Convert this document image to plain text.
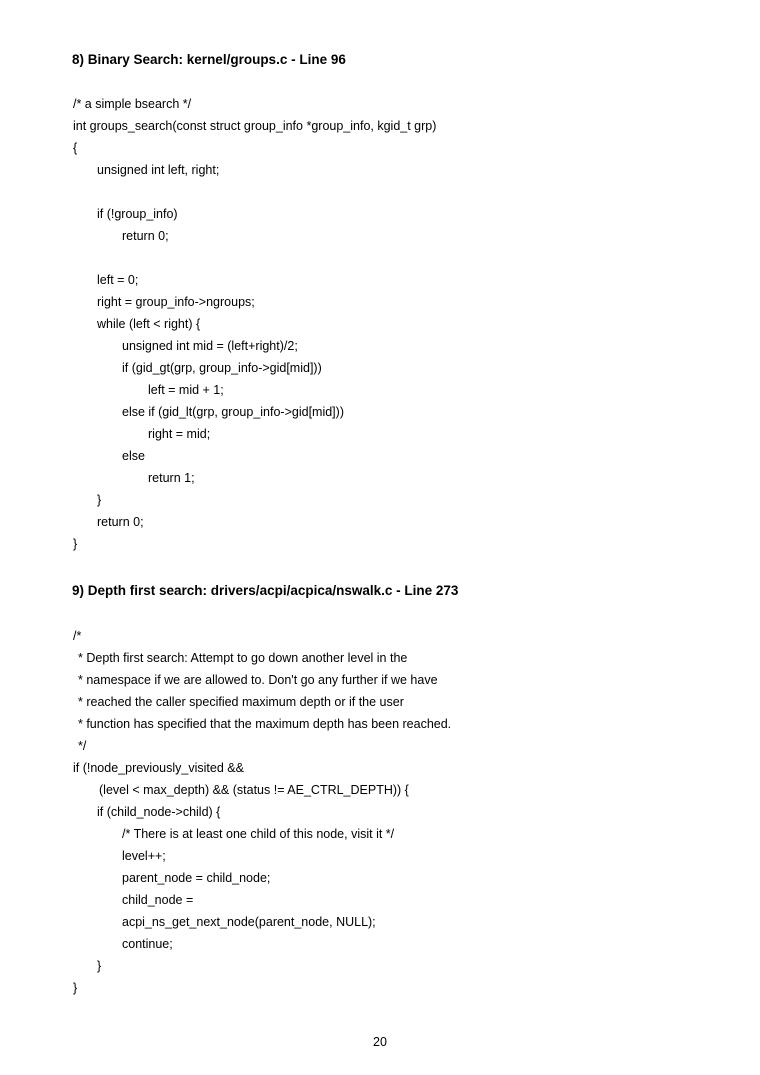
8) Binary Search: kernel/groups.c - Line 96
/* a simple bsearch */
int groups_search(const struct group_info *group_info, kgid_t grp)
{
unsigned int left, right;
if (!group_info)
return 0;
left = 0;
right = group_info->ngroups;
while (left < right) {
unsigned int mid = (left+right)/2;
if (gid_gt(grp, group_info->gid[mid]))
left = mid + 1;
else if (gid_lt(grp, group_info->gid[mid]))
right = mid;
else
return 1;
}
return 0;
}
9) Depth first search: drivers/acpi/acpica/nswalk.c - Line 273
/*
* Depth first search: Attempt to go down another level in the
* namespace if we are allowed to. Don't go any further if we have
* reached the caller specified maximum depth or if the user
* function has specified that the maximum depth has been reached.
*/
if (!node_previously_visited &&
(level < max_depth) && (status != AE_CTRL_DEPTH)) {
if (child_node->child) {
/* There is at least one child of this node, visit it */
level++;
parent_node = child_node;
child_node =
acpi_ns_get_next_node(parent_node, NULL);
continue;
}
}
20
